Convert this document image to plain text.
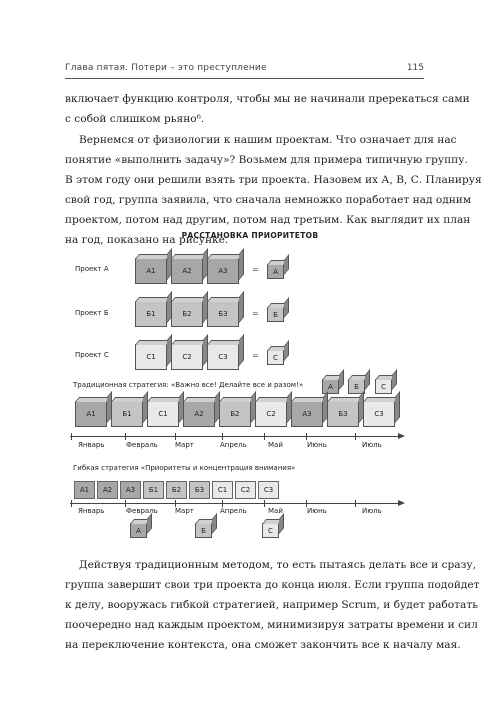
Глава пятая. Потери – это преступление	115
включает функцию контроля, чтобы мы не начинали пререкаться сами
с собой слишком рьяно⁶.
Вернемся от физиологии к нашим проектам. Что означает для нас
понятие «выполнить задачу»? Возьмем для примера типичную группу.
В этом году они решили взять три проекта. Назовем их А, В, С. Планируя
свой год, группа заявила, что сначала немножко поработает над одним
проектом, потом над другим, потом над третьим. Как выглядит их план
на год, показано на рисунке.
РАССТАНОВКА ПРИОРИТЕТОВ
Проект А	А1	А2	А3	=	А
Проект Б	Б1	Б2	Б3	=	Б
Проект С	С1	С2	С3	=	С
Традиционная стратегия: «Важно все! Делайте все и разом!»	А	Б	С
А1	Б1	С1	А2	Б2	С2	А3	Б3	С3
Январь	Февраль Март	Апрель	Май	Июнь	Июль
Гибкая стратегия «Приоритеты и концентрация внимания»
А1	А2	А3	Б1	Б2	Б3	С1	С2	С3
Январь	Февраль Март	Апрель	Май	Июнь	Июль
А	Б	С
Действуя традиционным методом, то есть пытаясь делать все и сразу,
группа завершит свои три проекта до конца июля. Если группа подойдет
к делу, вооружась гибкой стратегией, например Scrum, и будет работать
поочередно над каждым проектом, минимизируя затраты времени и сил
на переключение контекста, она сможет закончить все к началу мая.
